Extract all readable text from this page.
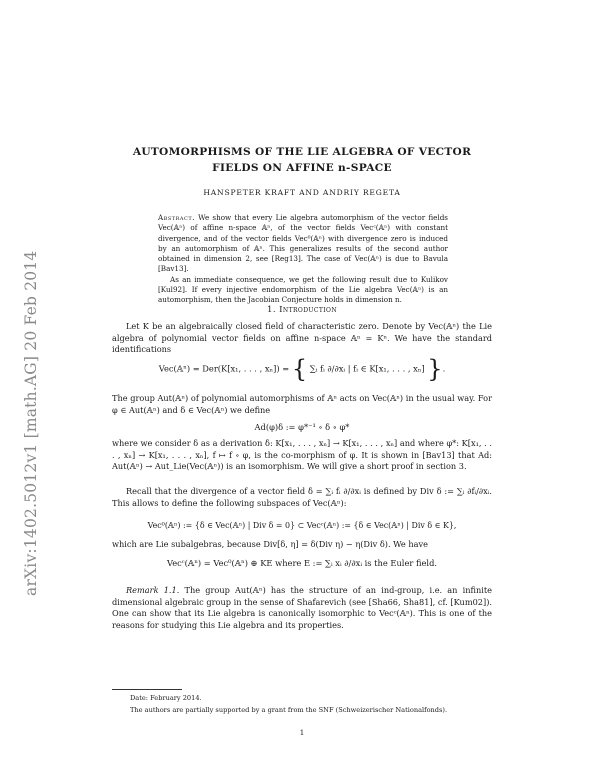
arXiv:1402.5012v1 [math.AG] 20 Feb 2014
AUTOMORPHISMS OF THE LIE ALGEBRA OF VECTOR
FIELDS ON AFFINE n-SPACE
HANSPETER KRAFT AND ANDRIY REGETA

Abstract. We show that every Lie algebra automorphism of the vector fields Vec(𝔸ⁿ) of affine n-space 𝔸ⁿ, of the vector fields Vecᶜ(𝔸ⁿ) with constant divergence, and of the vector fields Vec⁰(𝔸ⁿ) with divergence zero is induced by an automorphism of 𝔸ⁿ. This generalizes results of the second author obtained in dimension 2, see [Reg13]. The case of Vec(𝔸ⁿ) is due to Bavula [Bav13].

As an immediate consequence, we get the following result due to Kulikov [Kul92]. If every injective endomorphism of the Lie algebra Vec(𝔸ⁿ) is an automorphism, then the Jacobian Conjecture holds in dimension n.

1. Introduction

Let K be an algebraically closed field of characteristic zero. Denote by Vec(𝔸ⁿ) the Lie algebra of polynomial vector fields on affine n-space 𝔸ⁿ = Kⁿ. We have the standard identifications

Vec(𝔸ⁿ) = Der(K[x₁, . . . , xₙ]) = { ∑ᵢ fᵢ ∂/∂xᵢ | fᵢ ∈ K[x₁, . . . , xₙ] }.

The group Aut(𝔸ⁿ) of polynomial automorphisms of 𝔸ⁿ acts on Vec(𝔸ⁿ) in the usual way. For φ ∈ Aut(𝔸ⁿ) and δ ∈ Vec(𝔸ⁿ) we define

Ad(φ)δ := φ*⁻¹ ∘ δ ∘ φ*

where we consider δ as a derivation δ: K[x₁, . . . , xₙ] → K[x₁, . . . , xₙ] and where φ*: K[x₁, . . . , xₙ] → K[x₁, . . . , xₙ], f ↦ f ∘ φ, is the co-morphism of φ. It is shown in [Bav13] that Ad: Aut(𝔸ⁿ) → Aut_Lie(Vec(𝔸ⁿ)) is an isomorphism. We will give a short proof in section 3.

Recall that the divergence of a vector field δ = ∑ᵢ fᵢ ∂/∂xᵢ is defined by Div δ := ∑ᵢ ∂fᵢ/∂xᵢ. This allows to define the following subspaces of Vec(𝔸ⁿ):

Vec⁰(𝔸ⁿ) := {δ ∈ Vec(𝔸ⁿ) | Div δ = 0} ⊂ Vecᶜ(𝔸ⁿ) := {δ ∈ Vec(𝔸ⁿ) | Div δ ∈ K},

which are Lie subalgebras, because Div[δ, η] = δ(Div η) − η(Div δ). We have

Vecᶜ(𝔸ⁿ) = Vec⁰(𝔸ⁿ) ⊕ KE where E := ∑ᵢ xᵢ ∂/∂xᵢ is the Euler field.

Remark 1.1. The group Aut(𝔸ⁿ) has the structure of an ind-group, i.e. an infinite dimensional algebraic group in the sense of Shafarevich (see [Sha66, Sha81], cf. [Kum02]). One can show that its Lie algebra is canonically isomorphic to Vecᶜ(𝔸ⁿ). This is one of the reasons for studying this Lie algebra and its properties.

Date: February 2014.
The authors are partially supported by a grant from the SNF (Schweizerischer Nationalfonds).
1
